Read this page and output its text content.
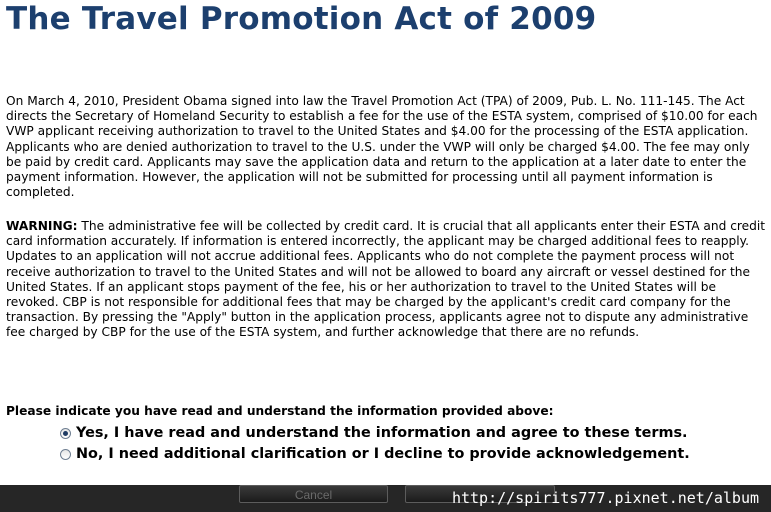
The Travel Promotion Act of 2009

On March 4, 2010, President Obama signed into law the Travel Promotion Act (TPA) of 2009, Pub. L. No. 111-145. The Act directs the Secretary of Homeland Security to establish a fee for the use of the ESTA system, comprised of $10.00 for each VWP applicant receiving authorization to travel to the United States and $4.00 for the processing of the ESTA application. Applicants who are denied authorization to travel to the U.S. under the VWP will only be charged $4.00. The fee may only be paid by credit card. Applicants may save the application data and return to the application at a later date to enter the payment information. However, the application will not be submitted for processing until all payment information is completed.

WARNING: The administrative fee will be collected by credit card. It is crucial that all applicants enter their ESTA and credit card information accurately. If information is entered incorrectly, the applicant may be charged additional fees to reapply. Updates to an application will not accrue additional fees. Applicants who do not complete the payment process will not receive authorization to travel to the United States and will not be allowed to board any aircraft or vessel destined for the United States. If an applicant stops payment of the fee, his or her authorization to travel to the United States will be revoked. CBP is not responsible for additional fees that may be charged by the applicant's credit card company for the transaction. By pressing the "Apply" button in the application process, applicants agree not to dispute any administrative fee charged by CBP for the use of the ESTA system, and further acknowledge that there are no refunds.

Please indicate you have read and understand the information provided above:

Yes, I have read and understand the information and agree to these terms.
No, I need additional clarification or I decline to provide acknowledgement.
Cancel	http://spirits777.pixnet.net/album
